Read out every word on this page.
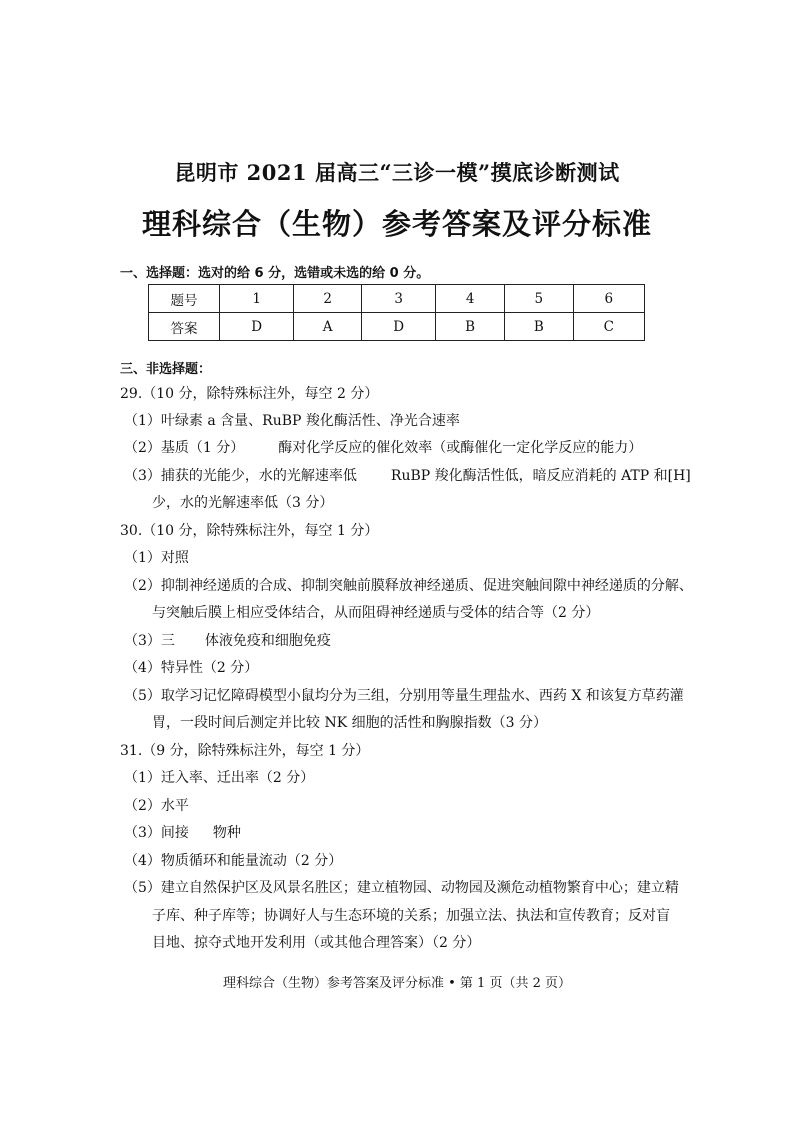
昆明市 2021 届高三“三诊一模”摸底诊断测试
理科综合（生物）参考答案及评分标准
一、选择题：选对的给 6 分，选错或未选的给 0 分。
题号	1	2	3	4	5	6
答案	D	A	D	B	B	C
三、非选择题：
29.（10 分，除特殊标注外，每空 2 分）
（1）叶绿素 a 含量、RuBP 羧化酶活性、净光合速率
（2）基质（1 分） 酶对化学反应的催化效率（或酶催化一定化学反应的能力）
（3）捕获的光能少，水的光解速率低 RuBP 羧化酶活性低，暗反应消耗的 ATP 和[H]
少，水的光解速率低（3 分）
30.（10 分，除特殊标注外，每空 1 分）
（1）对照
（2）抑制神经递质的合成、抑制突触前膜释放神经递质、促进突触间隙中神经递质的分解、
与突触后膜上相应受体结合，从而阻碍神经递质与受体的结合等（2 分）
（3）三 体液免疫和细胞免疫
（4）特异性（2 分）
（5）取学习记忆障碍模型小鼠均分为三组，分别用等量生理盐水、西药 X 和该复方草药灌
胃，一段时间后测定并比较 NK 细胞的活性和胸腺指数（3 分）
31.（9 分，除特殊标注外，每空 1 分）
（1）迁入率、迁出率（2 分）
（2）水平
（3）间接 物种
（4）物质循环和能量流动（2 分）
（5）建立自然保护区及风景名胜区；建立植物园、动物园及濒危动植物繁育中心；建立精
子库、种子库等；协调好人与生态环境的关系；加强立法、执法和宣传教育；反对盲
目地、掠夺式地开发利用（或其他合理答案）（2 分）
理科综合（生物）参考答案及评分标准 • 第 1 页（共 2 页）
